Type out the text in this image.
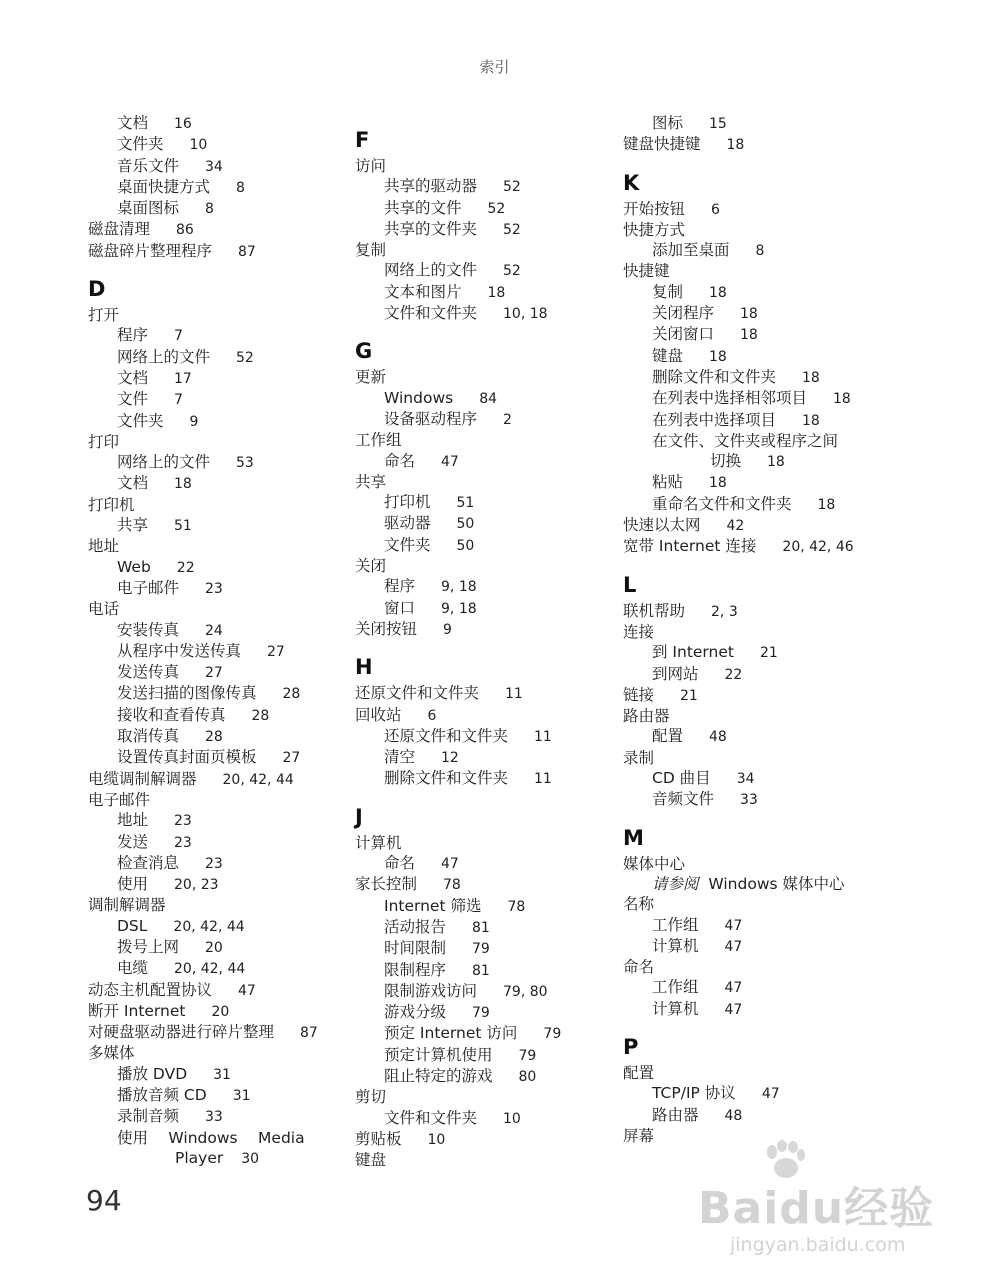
索引
文档 16
文件夹 10
音乐文件 34
桌面快捷方式 8
桌面图标 8
磁盘清理 86
磁盘碎片整理程序 87
D
打开
程序 7
网络上的文件 52
文档 17
文件 7
文件夹 9
打印
网络上的文件 53
文档 18
打印机
共享 51
地址
Web 22
电子邮件 23
电话
安装传真 24
从程序中发送传真 27
发送传真 27
发送扫描的图像传真 28
接收和查看传真 28
取消传真 28
设置传真封面页模板 27
电缆调制解调器 20, 42, 44
电子邮件
地址 23
发送 23
检查消息 23
使用 20, 23
调制解调器
DSL 20, 42, 44
拨号上网 20
电缆 20, 42, 44
动态主机配置协议 47
断开 Internet 20
对硬盘驱动器进行碎片整理 87
多媒体
播放 DVD 31
播放音频 CD 31
录制音频 33
使用　 Windows　 Media
Player 30
F
访问
共享的驱动器 52
共享的文件 52
共享的文件夹 52
复制
网络上的文件 52
文本和图片 18
文件和文件夹 10, 18
G
更新
Windows 84
设备驱动程序 2
工作组
命名 47
共享
打印机 51
驱动器 50
文件夹 50
关闭
程序 9, 18
窗口 9, 18
关闭按钮 9
H
还原文件和文件夹 11
回收站 6
还原文件和文件夹 11
清空 12
删除文件和文件夹 11
J
计算机
命名 47
家长控制 78
Internet 筛选 78
活动报告 81
时间限制 79
限制程序 81
限制游戏访问 79, 80
游戏分级 79
预定 Internet 访问 79
预定计算机使用 79
阻止特定的游戏 80
剪切
文件和文件夹 10
剪贴板 10
键盘
图标 15
键盘快捷键 18
K
开始按钮 6
快捷方式
添加至桌面 8
快捷键
复制 18
关闭程序 18
关闭窗口 18
键盘 18
删除文件和文件夹 18
在列表中选择相邻项目 18
在列表中选择项目 18
在文件、文件夹或程序之间
切换 18
粘贴 18
重命名文件和文件夹 18
快速以太网 42
宽带 Internet 连接 20, 42, 46
L
联机帮助 2, 3
连接
到 Internet 21
到网站 22
链接 21
路由器
配置 48
录制
CD 曲目 34
音频文件 33
M
媒体中心
请参阅 Windows 媒体中心
名称
工作组 47
计算机 47
命名
工作组 47
计算机 47
P
配置
TCP/IP 协议 47
路由器 48
屏幕
94	Baidu经验
jingyan.baidu.com
